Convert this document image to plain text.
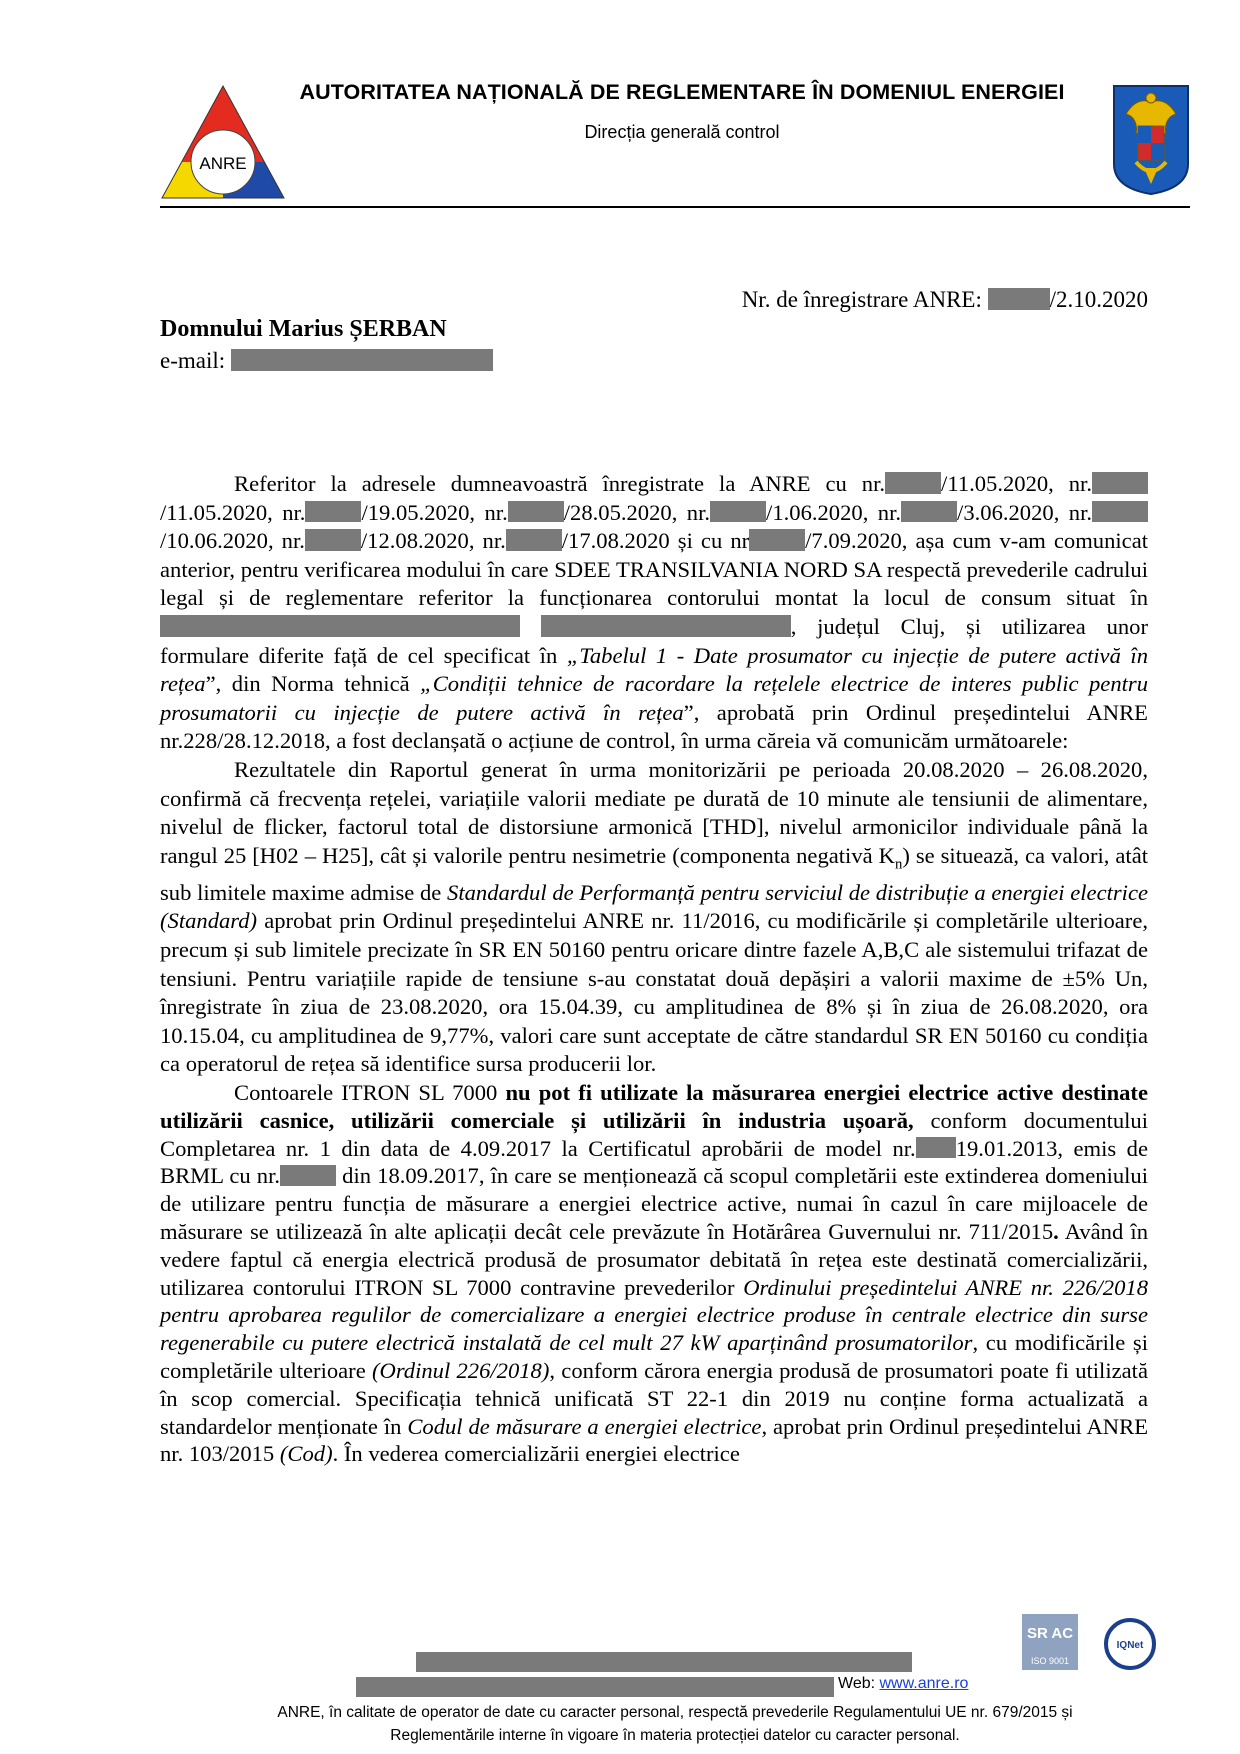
ANRE
AUTORITATEA NAȚIONALĂ DE REGLEMENTARE ÎN DOMENIUL ENERGIEI
Direcția generală control
Nr. de înregistrare ANRE:	/2.10.2020
Domnului Marius ȘERBAN
e-mail:

Referitor la adresele dumneavoastră înregistrate la ANRE cu nr. /11.05.2020, nr./11.05.2020, nr. /19.05.2020, nr. /28.05.2020, nr. /1.06.2020, nr. /3.06.2020, nr./10.06.2020, nr. /12.08.2020, nr. /17.08.2020 și cu nr /7.09.2020, așa cum v-am comunicat anterior, pentru verificarea modului în care SDEE TRANSILVANIA NORD SA respectă prevederile cadrului legal și de reglementare referitor la funcționarea contorului montat la locul de consum situat în  , județul Cluj, și utilizarea unor formulare diferite față de cel specificat în „Tabelul 1 - Date prosumator cu injecție de putere activă în rețea”, din Norma tehnică „Condiții tehnice de racordare la rețelele electrice de interes public pentru prosumatorii cu injecție de putere activă în rețea”, aprobată prin Ordinul președintelui ANRE nr.228/28.12.2018, a fost declanșată o acțiune de control, în urma căreia vă comunicăm următoarele:

Rezultatele din Raportul generat în urma monitorizării pe perioada 20.08.2020 – 26.08.2020, confirmă că frecvența rețelei, variațiile valorii mediate pe durată de 10 minute ale tensiunii de alimentare, nivelul de flicker, factorul total de distorsiune armonică [THD], nivelul armonicilor individuale până la rangul 25 [H02 – H25], cât și valorile pentru nesimetrie (componenta negativă $K_n$) se situează, ca valori, atât sub limitele maxime admise de Standardul de Performanță pentru serviciul de distribuție a energiei electrice (Standard) aprobat prin Ordinul președintelui ANRE nr. 11/2016, cu modificările și completările ulterioare, precum și sub limitele precizate în SR EN 50160 pentru oricare dintre fazele A,B,C ale sistemului trifazat de tensiuni. Pentru variațiile rapide de tensiune s-au constatat două depășiri a valorii maxime de ±5% Un, înregistrate în ziua de 23.08.2020, ora 15.04.39, cu amplitudinea de 8% și în ziua de 26.08.2020, ora 10.15.04, cu amplitudinea de 9,77%, valori care sunt acceptate de către standardul SR EN 50160 cu condiția ca operatorul de rețea să identifice sursa producerii lor.

Contoarele ITRON SL 7000 nu pot fi utilizate la măsurarea energiei electrice active destinate utilizării casnice, utilizării comerciale și utilizării în industria ușoară, conform documentului Completarea nr. 1 din data de 4.09.2017 la Certificatul aprobării de model nr. 19.01.2013, emis de BRML cu nr. din 18.09.2017, în care se menționează că scopul completării este extinderea domeniului de utilizare pentru funcția de măsurare a energiei electrice active, numai în cazul în care mijloacele de măsurare se utilizează în alte aplicații decât cele prevăzute în Hotărârea Guvernului nr. 711/2015. Având în vedere faptul că energia electrică produsă de prosumator debitată în rețea este destinată comercializării, utilizarea contorului ITRON SL 7000 contravine prevederilor Ordinului președintelui ANRE nr. 226/2018 pentru aprobarea regulilor de comercializare a energiei electrice produse în centrale electrice din surse regenerabile cu putere electrică instalată de cel mult 27 kW aparținând prosumatorilor, cu modificările și completările ulterioare (Ordinul 226/2018), conform cărora energia produsă de prosumatori poate fi utilizată în scop comercial. Specificația tehnică unificată ST 22-1 din 2019 nu conține forma actualizată a standardelor menționate în Codul de măsurare a energiei electrice, aprobat prin Ordinul președintelui ANRE nr. 103/2015 (Cod). În vederea comercializării energiei electrice

SR AC
ISO 9001
IQNet
Web: www.anre.ro
ANRE, în calitate de operator de date cu caracter personal, respectă prevederile Regulamentului UE nr. 679/2015 și
Reglementările interne în vigoare în materia protecției datelor cu caracter personal.
